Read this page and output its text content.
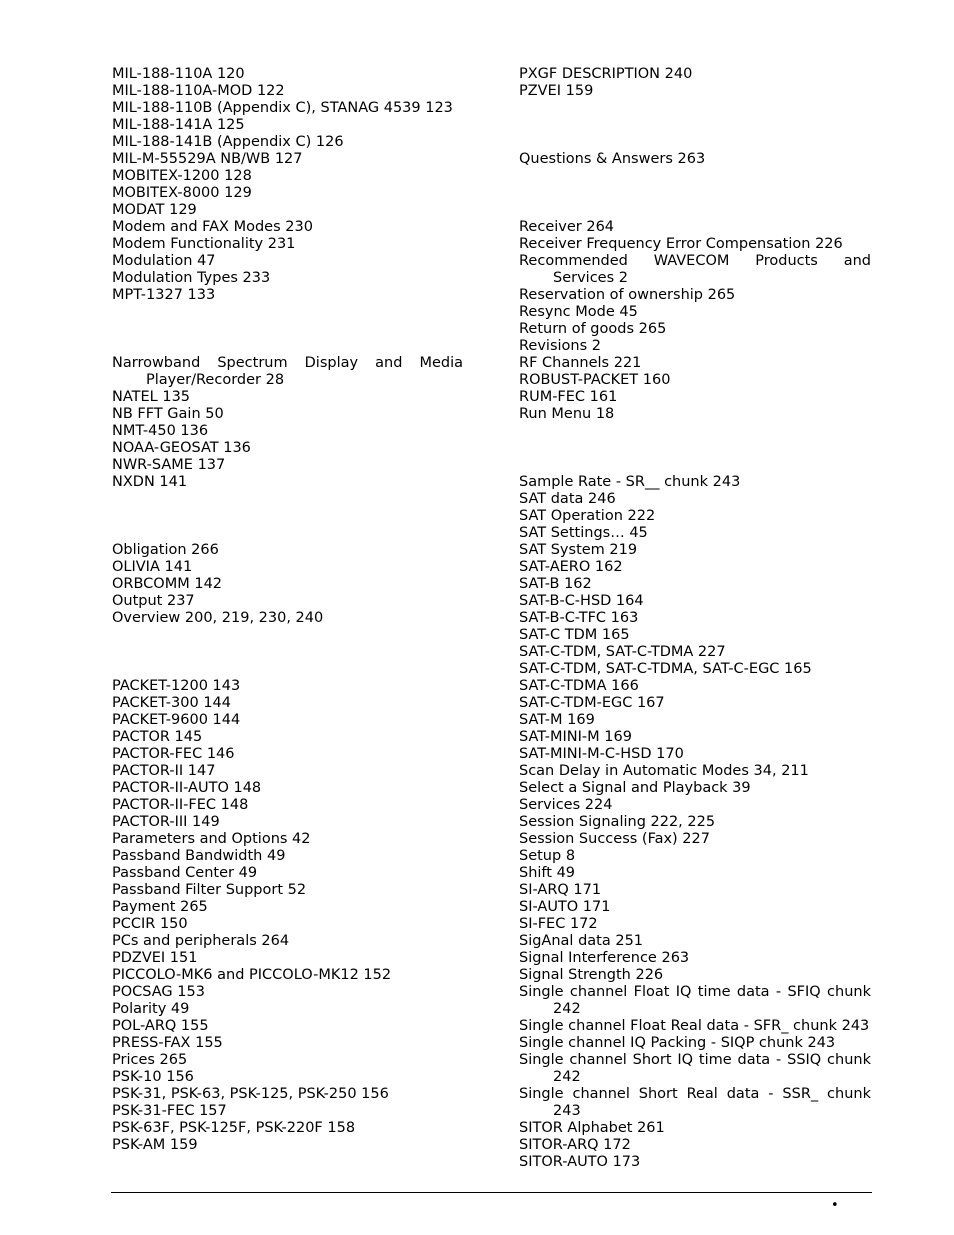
MIL-188-110A 120
MIL-188-110A-MOD 122
MIL-188-110B (Appendix C), STANAG 4539 123
MIL-188-141A 125
MIL-188-141B (Appendix C) 126
MIL-M-55529A NB/WB 127
MOBITEX-1200 128
MOBITEX-8000 129
MODAT 129
Modem and FAX Modes 230
Modem Functionality 231
Modulation 47
Modulation Types 233
MPT-1327 133
Narrowband Spectrum Display and Media Player/Recorder 28
NATEL 135
NB FFT Gain 50
NMT-450 136
NOAA-GEOSAT 136
NWR-SAME 137
NXDN 141
Obligation 266
OLIVIA 141
ORBCOMM 142
Output 237
Overview 200, 219, 230, 240
PACKET-1200 143
PACKET-300 144
PACKET-9600 144
PACTOR 145
PACTOR-FEC 146
PACTOR-II 147
PACTOR-II-AUTO 148
PACTOR-II-FEC 148
PACTOR-III 149
Parameters and Options 42
Passband Bandwidth 49
Passband Center 49
Passband Filter Support 52
Payment 265
PCCIR 150
PCs and peripherals 264
PDZVEI 151
PICCOLO-MK6 and PICCOLO-MK12 152
POCSAG 153
Polarity 49
POL-ARQ 155
PRESS-FAX 155
Prices 265
PSK-10 156
PSK-31, PSK-63, PSK-125, PSK-250 156
PSK-31-FEC 157
PSK-63F, PSK-125F, PSK-220F 158
PSK-AM 159
PXGF DESCRIPTION 240
PZVEI 159
Questions & Answers 263
Receiver 264
Receiver Frequency Error Compensation 226
Recommended WAVECOM Products and Services 2
Reservation of ownership 265
Resync Mode 45
Return of goods 265
Revisions 2
RF Channels 221
ROBUST-PACKET 160
RUM-FEC 161
Run Menu 18
Sample Rate - SR__ chunk 243
SAT data 246
SAT Operation 222
SAT Settings… 45
SAT System 219
SAT-AERO 162
SAT-B 162
SAT-B-C-HSD 164
SAT-B-C-TFC 163
SAT-C TDM 165
SAT-C-TDM, SAT-C-TDMA 227
SAT-C-TDM, SAT-C-TDMA, SAT-C-EGC 165
SAT-C-TDMA 166
SAT-C-TDM-EGC 167
SAT-M 169
SAT-MINI-M 169
SAT-MINI-M-C-HSD 170
Scan Delay in Automatic Modes 34, 211
Select a Signal and Playback 39
Services 224
Session Signaling 222, 225
Session Success (Fax) 227
Setup 8
Shift 49
SI-ARQ 171
SI-AUTO 171
SI-FEC 172
SigAnal data 251
Signal Interference 263
Signal Strength 226
Single channel Float IQ time data - SFIQ chunk 242
Single channel Float Real data - SFR_ chunk 243
Single channel IQ Packing - SIQP chunk 243
Single channel Short IQ time data - SSIQ chunk 242
Single channel Short Real data - SSR_ chunk 243
SITOR Alphabet 261
SITOR-ARQ 172
SITOR-AUTO 173
•
